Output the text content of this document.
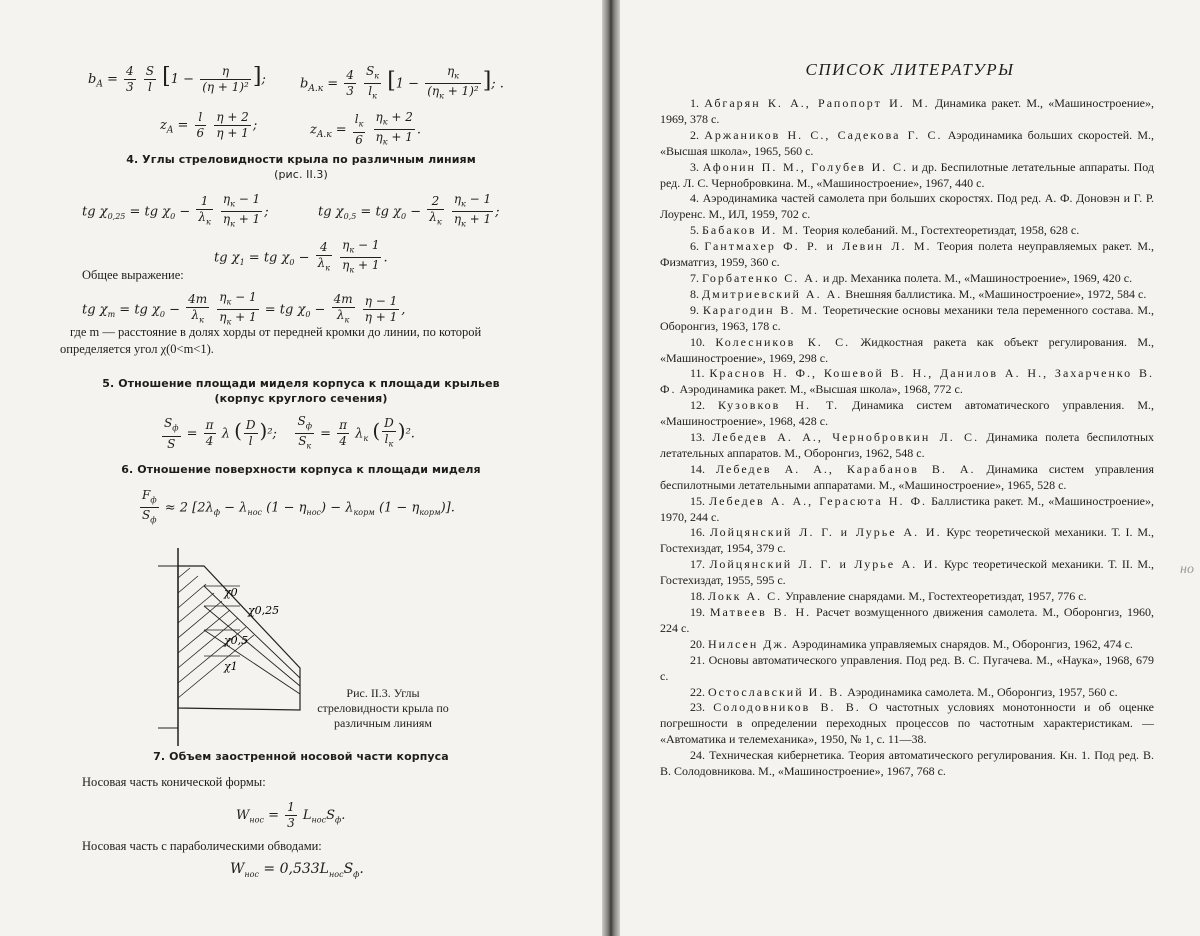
$b_A = \frac{4}{3}$
$\frac{S}{l} [1 - \frac{\eta}{\text{(η + 1)²}}$ ];	$b_{A.к} = \frac{4}{3}$
$\frac{S_к}{l_к} [1 - \frac{\eta_к}{(\eta_к + 1)^2}$ ]; .
$z_A = \frac{l}{6}$
$\frac{\eta + 2}{\eta + 1}$ ;	$z_{A.к} = \frac{l_к}{6}$
$\frac{\eta_к + 2}{\eta_к + 1}$ .
4. Углы стреловидности крыла по различным линиям
(рис. II.3)
tg $\chi_{0,25}$ = tg $\chi_0 - \frac{1}{\lambda_к}$
$\frac{\eta_к - 1}{\eta_к + 1}$ ;	tg $\chi_{0,5}$ = tg $\chi_0 - \frac{2}{\lambda_к}$
$\frac{\eta_к - 1}{\eta_к + 1}$ ;
tg $\chi_1$ = tg $\chi_0 - \frac{4}{\lambda_к}$
$\frac{\eta_к - 1}{\eta_к + 1}$ .
Общее выражение:
tg $\chi_m$ = tg $\chi_0 - \frac{4m}{\lambda_к}$
$\frac{\eta_к - 1}{\eta_к + 1}$ = tg $\chi_0 - \frac{4m}{\lambda_к}$
$\frac{\eta - 1}{\eta + 1}$ ,
где m — расстояние в долях хорды от передней кромки до линии, по которой определяется угол χ(0<m<1).
5. Отношение площади миделя корпуса к площади крыльев
(корпус круглого сечения)
$\frac{S_ф}{S} = \frac{\pi}{4}$ λ ( $\frac{D}{l} )^2$; $\frac{S_ф}{S_к} = \frac{\pi}{4} \lambda_к$ ( $\frac{D}{l_к} )^2$.
6. Отношение поверхности корпуса к площади миделя
$\frac{F_ф}{S_ф} \approx 2$ [$2\lambda_ф - \lambda_{нос}$ $(1 - \eta_{нос}) - \lambda_{корм}$ $(1 - \eta_{корм})$].
χ0
χ0,25
χ0,5
χ1
Рис. II.3. Углы стреловидности крыла по различным линиям
7. Объем заостренной носовой части корпуса
Носовая часть конической формы:
$W_{нос} = \frac{1}{3} L_{нос}S_ф$.
Носовая часть с параболическими обводами:
$W_{нос} = 0,533L_{нос}S_ф$.
СПИСОК ЛИТЕРАТУРЫ
1. Абгарян К. А., Рапопорт И. М. Динамика ракет. М., «Машиностроение», 1969, 378 с.
2. Аржаников Н. С., Садекова Г. С. Аэродинамика больших скоростей. М., «Высшая школа», 1965, 560 с.
3. Афонин П. М., Голубев И. С. и др. Беспилотные летательные аппараты. Под ред. Л. С. Чернобровкина. М., «Машиностроение», 1967, 440 с.
4. Аэродинамика частей самолета при больших скоростях. Под ред. А. Ф. Доновэн и Г. Р. Лоуренс. М., ИЛ, 1959, 702 с.
5. Бабаков И. М. Теория колебаний. М., Гостехтеоретиздат, 1958, 628 с.
6. Гантмахер Ф. Р. и Левин Л. М. Теория полета неуправляемых ракет. М., Физматгиз, 1959, 360 с.
7. Горбатенко С. А. и др. Механика полета. М., «Машиностроение», 1969, 420 с.
8. Дмитриевский А. А. Внешняя баллистика. М., «Машиностроение», 1972, 584 с.
9. Карагодин В. М. Теоретические основы механики тела переменного состава. М., Оборонгиз, 1963, 178 с.
10. Колесников К. С. Жидкостная ракета как объект регулирования. М., «Машиностроение», 1969, 298 с.
11. Краснов Н. Ф., Кошевой В. Н., Данилов А. Н., Захарченко В. Ф. Аэродинамика ракет. М., «Высшая школа», 1968, 772 с.
12. Кузовков Н. Т. Динамика систем автоматического управления. М., «Машиностроение», 1968, 428 с.
13. Лебедев А. А., Чернобровкин Л. С. Динамика полета беспилотных летательных аппаратов. М., Оборонгиз, 1962, 548 с.
14. Лебедев А. А., Карабанов В. А. Динамика систем управления беспилотными летательными аппаратами. М., «Машиностроение», 1965, 528 с.
15. Лебедев А. А., Герасюта Н. Ф. Баллистика ракет. М., «Машиностроение», 1970, 244 с.
16. Лойцянский Л. Г. и Лурье А. И. Курс теоретической механики. Т. I. М., Гостехиздат, 1954, 379 с.
17. Лойцянский Л. Г. и Лурье А. И. Курс теоретической механики. Т. II. М., Гостехиздат, 1955, 595 с.
18. Локк А. С. Управление снарядами. М., Гостехтеоретиздат, 1957, 776 с.
19. Матвеев В. Н. Расчет возмущенного движения самолета. М., Оборонгиз, 1960, 224 с.
20. Нилсен Дж. Аэродинамика управляемых снарядов. М., Оборонгиз, 1962, 474 с.
21. Основы автоматического управления. Под ред. В. С. Пугачева. М., «Наука», 1968, 679 с.
22. Остославский И. В. Аэродинамика самолета. М., Оборонгиз, 1957, 560 с.
23. Солодовников В. В. О частотных условиях монотонности и об оценке погрешности в определении переходных процессов по частотным характеристикам. — «Автоматика и телемеханика», 1950, № 1, с. 11—38.
24. Техническая кибернетика. Теория автоматического регулирования. Кн. 1. Под ред. В. В. Солодовникова. М., «Машиностроение», 1967, 768 с.
но
